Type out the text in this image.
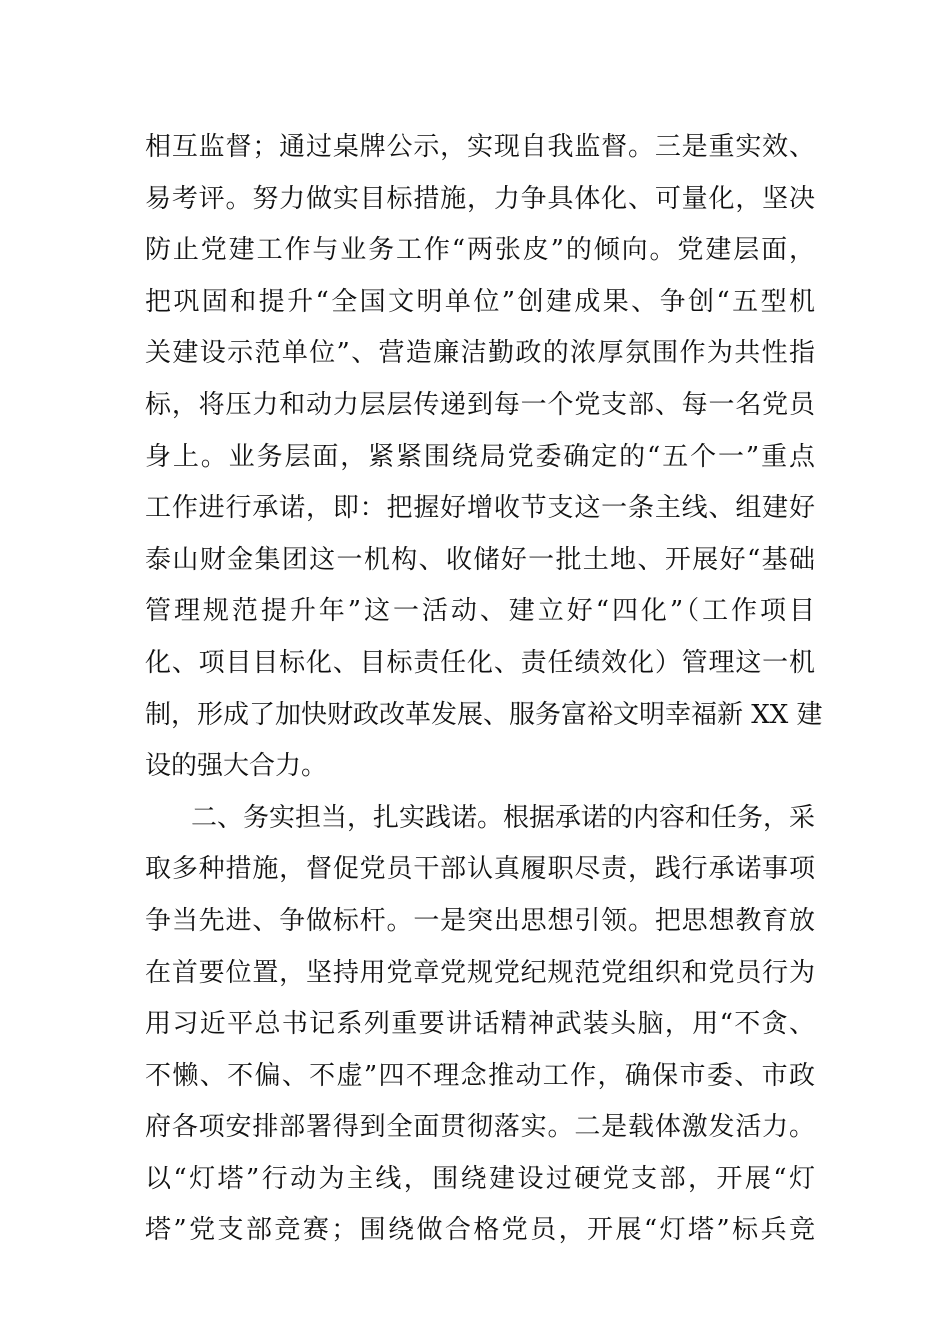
相互监督；通过桌牌公示，实现自我监督。三是重实效、
易考评。努力做实目标措施，力争具体化、可量化，坚决
防止党建工作与业务工作“两张皮”的倾向。党建层面，
把巩固和提升“全国文明单位”创建成果、争创“五型机
关建设示范单位”、营造廉洁勤政的浓厚氛围作为共性指
标，将压力和动力层层传递到每一个党支部、每一名党员
身上。业务层面，紧紧围绕局党委确定的“五个一”重点
工作进行承诺，即：把握好增收节支这一条主线、组建好
泰山财金集团这一机构、收储好一批土地、开展好“基础
管理规范提升年”这一活动、建立好“四化”（工作项目
化、项目目标化、目标责任化、责任绩效化）管理这一机
制，形成了加快财政改革发展、服务富裕文明幸福新 XX 建
设的强大合力。
二、务实担当，扎实践诺。根据承诺的内容和任务，采
取多种措施，督促党员干部认真履职尽责，践行承诺事项
争当先进、争做标杆。一是突出思想引领。把思想教育放
在首要位置，坚持用党章党规党纪规范党组织和党员行为
用习近平总书记系列重要讲话精神武装头脑，用“不贪、
不懒、不偏、不虚”四不理念推动工作，确保市委、市政
府各项安排部署得到全面贯彻落实。二是载体激发活力。
以“灯塔”行动为主线，围绕建设过硬党支部，开展“灯
塔”党支部竞赛；围绕做合格党员，开展“灯塔”标兵竞
